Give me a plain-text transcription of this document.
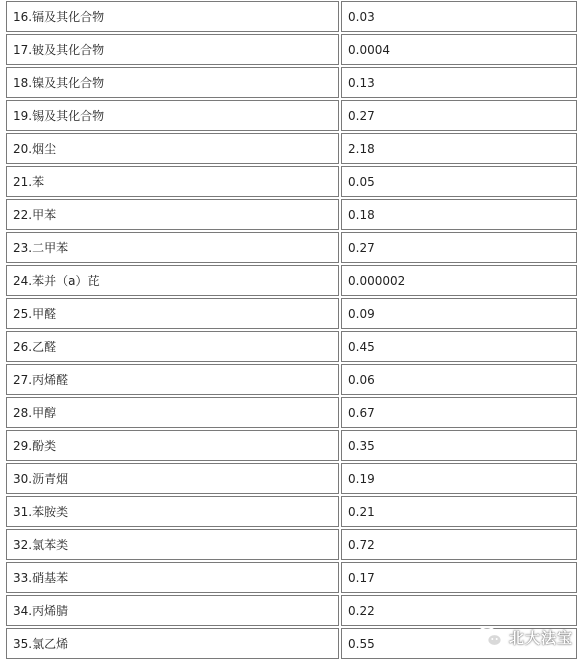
16.镉及其化合物	0.03
17.铍及其化合物	0.0004
18.镍及其化合物	0.13
19.锡及其化合物	0.27
20.烟尘	2.18
21.苯	0.05
22.甲苯	0.18
23.二甲苯	0.27
24.苯并（a）芘	0.000002
25.甲醛	0.09
26.乙醛	0.45
27.丙烯醛	0.06
28.甲醇	0.67
29.酚类	0.35
30.沥青烟	0.19
31.苯胺类	0.21
32.氯苯类	0.72
33.硝基苯	0.17
34.丙烯腈	0.22
35.氯乙烯	0.55	北大法宝
